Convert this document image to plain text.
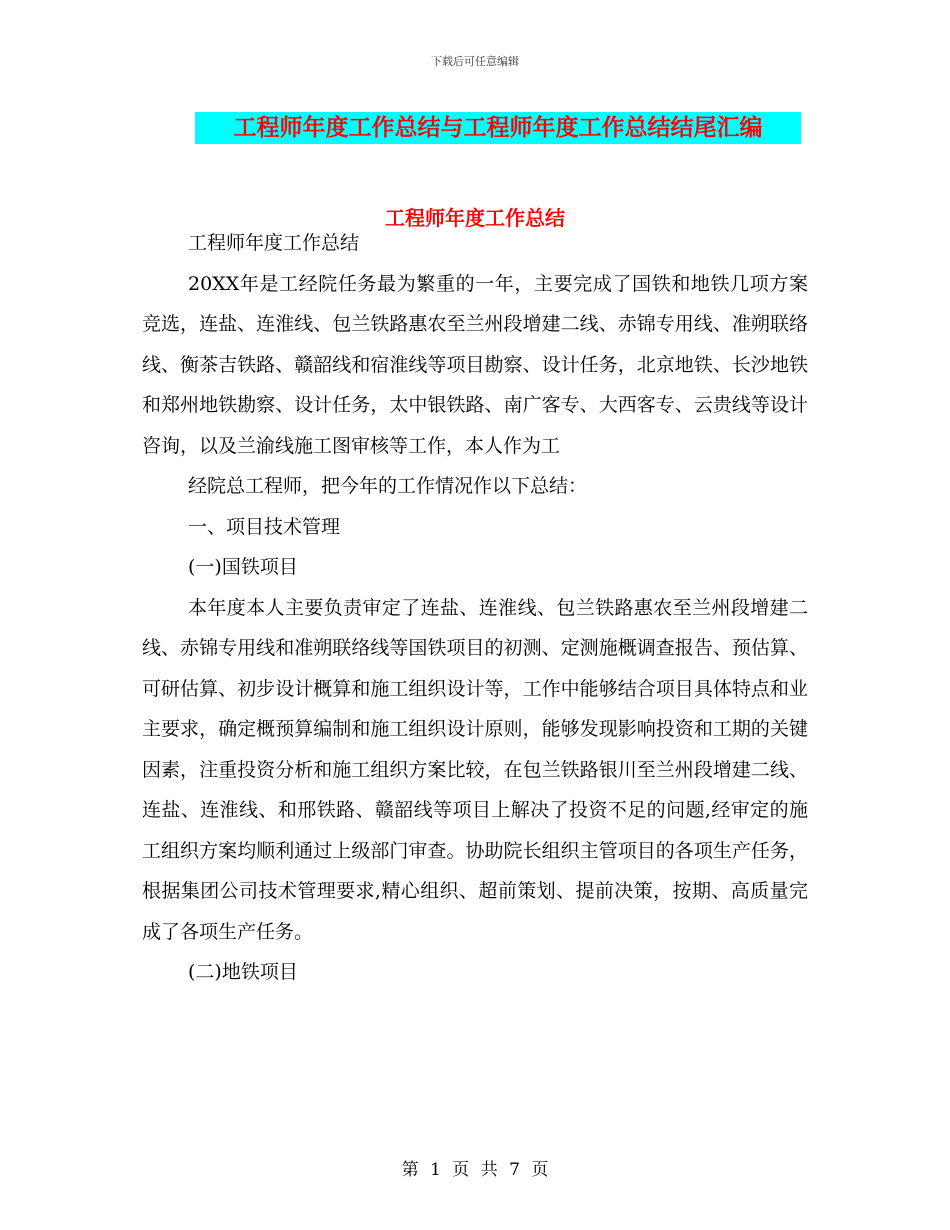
下载后可任意编辑
工程师年度工作总结与工程师年度工作总结结尾汇编
工程师年度工作总结

工程师年度工作总结

20XX年是工经院任务最为繁重的一年，主要完成了国铁和地铁几项方案竞选，连盐、连淮线、包兰铁路惠农至兰州段增建二线、赤锦专用线、准朔联络线、衡茶吉铁路、赣韶线和宿淮线等项目勘察、设计任务，北京地铁、长沙地铁和郑州地铁勘察、设计任务，太中银铁路、南广客专、大西客专、云贵线等设计咨询，以及兰渝线施工图审核等工作，本人作为工

经院总工程师，把今年的工作情况作以下总结：

一、项目技术管理

(一)国铁项目

本年度本人主要负责审定了连盐、连淮线、包兰铁路惠农至兰州段增建二线、赤锦专用线和准朔联络线等国铁项目的初测、定测施概调查报告、预估算、可研估算、初步设计概算和施工组织设计等，工作中能够结合项目具体特点和业主要求，确定概预算编制和施工组织设计原则，能够发现影响投资和工期的关键因素，注重投资分析和施工组织方案比较，在包兰铁路银川至兰州段增建二线、连盐、连淮线、和邢铁路、赣韶线等项目上解决了投资不足的问题,经审定的施工组织方案均顺利通过上级部门审查。协助院长组织主管项目的各项生产任务，根据集团公司技术管理要求,精心组织、超前策划、提前决策，按期、高质量完成了各项生产任务。

(二)地铁项目

第 1 页 共 7 页
